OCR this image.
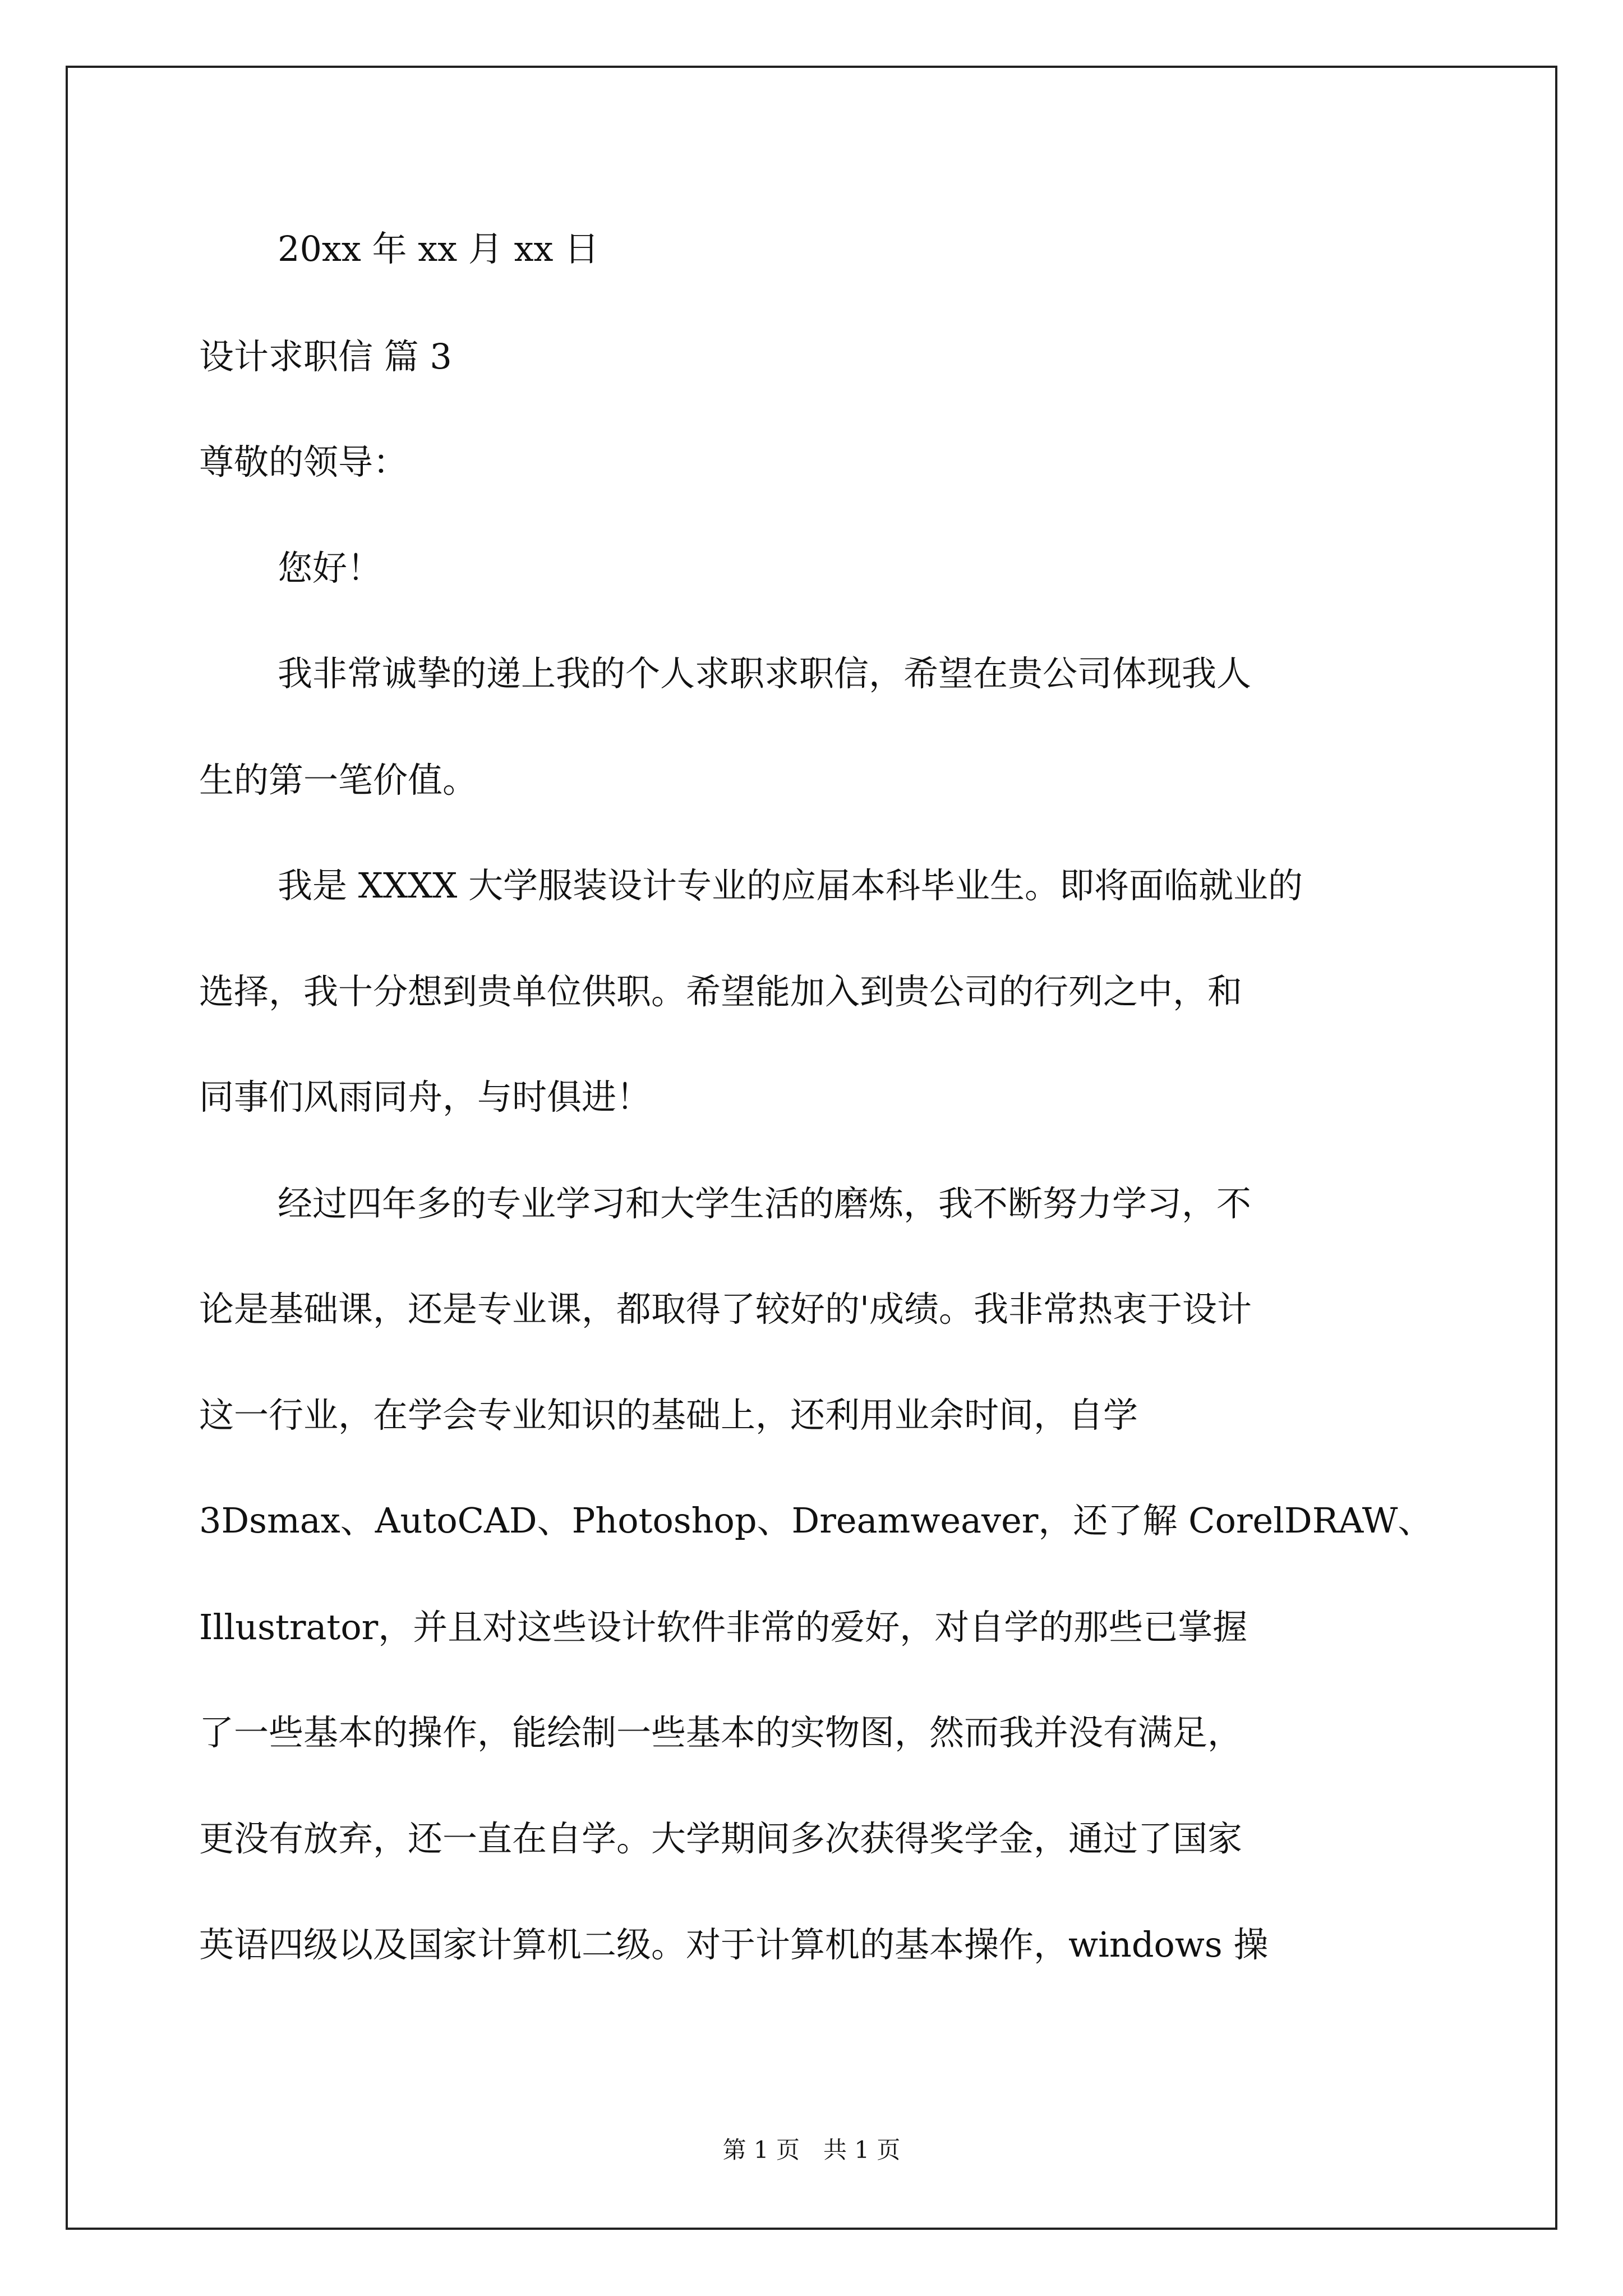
20xx 年 xx 月 xx 日
设计求职信 篇 3
尊敬的领导：
您好！
我非常诚挚的递上我的个人求职求职信，希望在贵公司体现我人
生的第一笔价值。
我是 XXXX 大学服装设计专业的应届本科毕业生。即将面临就业的
选择，我十分想到贵单位供职。希望能加入到贵公司的行列之中，和
同事们风雨同舟，与时俱进！
经过四年多的专业学习和大学生活的磨炼，我不断努力学习，不
论是基础课，还是专业课，都取得了较好的'成绩。我非常热衷于设计
这一行业，在学会专业知识的基础上，还利用业余时间，自学
3Dsmax、AutoCAD、Photoshop、Dreamweaver，还了解 CorelDRAW、
Illustrator，并且对这些设计软件非常的爱好，对自学的那些已掌握
了一些基本的操作，能绘制一些基本的实物图，然而我并没有满足，
更没有放弃，还一直在自学。大学期间多次获得奖学金，通过了国家
英语四级以及国家计算机二级。对于计算机的基本操作，windows 操
第 1 页　共 1 页
